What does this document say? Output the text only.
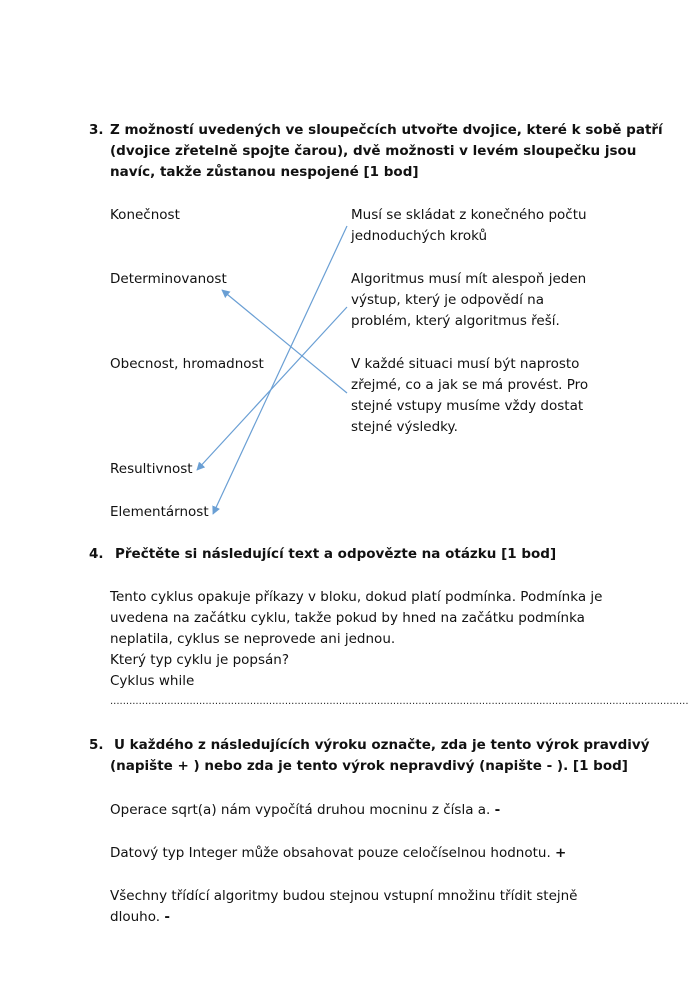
3. Z možností uvedených ve sloupečcích utvořte dvojice, které k sobě patří
(dvojice zřetelně spojte čarou), dvě možnosti v levém sloupečku jsou
navíc, takže zůstanou nespojené [1 bod]
Konečnost
Determinovanost
Obecnost, hromadnost
Resultivnost
Elementárnost
Musí se skládat z konečného počtu
jednoduchých kroků
Algoritmus musí mít alespoň jeden
výstup, který je odpovědí na
problém, který algoritmus řeší.
V každé situaci musí být naprosto
zřejmé, co a jak se má provést. Pro
stejné vstupy musíme vždy dostat
stejné výsledky.
4. Přečtěte si následující text a odpovězte na otázku [1 bod]
Tento cyklus opakuje příkazy v bloku, dokud platí podmínka. Podmínka je
uvedena na začátku cyklu, takže pokud by hned na začátku podmínka
neplatila, cyklus se neprovede ani jednou.
Který typ cyklu je popsán?
Cyklus while
......................................................................................................................................................................................
5. U každého z následujících výroku označte, zda je tento výrok pravdivý
(napište + ) nebo zda je tento výrok nepravdivý (napište - ). [1 bod]
Operace sqrt(a) nám vypočítá druhou mocninu z čísla a. -
Datový typ Integer může obsahovat pouze celočíselnou hodnotu. +
Všechny třídící algoritmy budou stejnou vstupní množinu třídit stejně
dlouho. -
